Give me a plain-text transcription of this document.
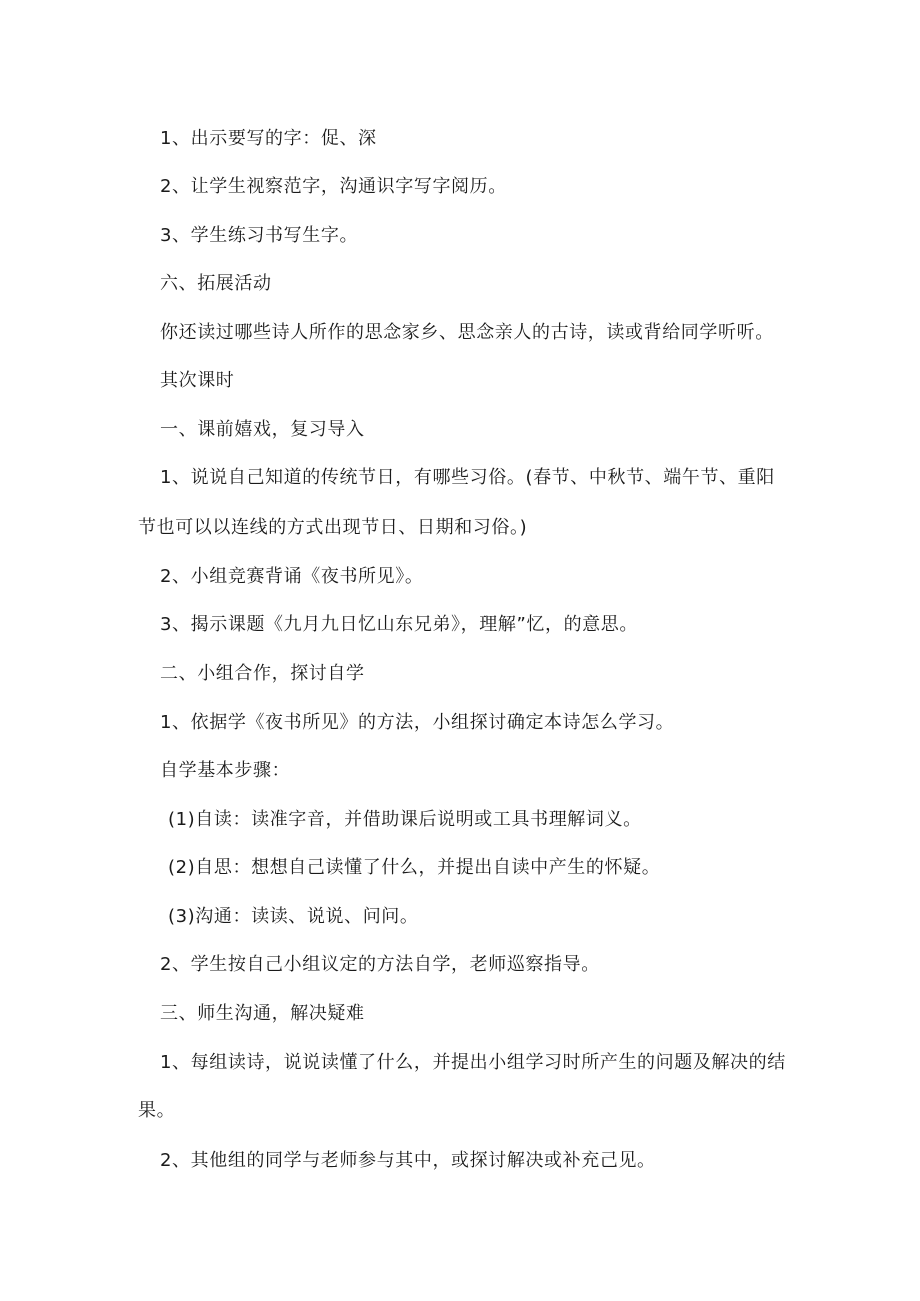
1、出示要写的字：促、深
2、让学生视察范字，沟通识字写字阅历。
3、学生练习书写生字。
六、拓展活动
你还读过哪些诗人所作的思念家乡、思念亲人的古诗，读或背给同学听听。
其次课时
一、课前嬉戏，复习导入
1、说说自己知道的传统节日，有哪些习俗。(春节、中秋节、端午节、重阳
节也可以以连线的方式出现节日、日期和习俗。)
2、小组竞赛背诵《夜书所见》。
3、揭示课题《九月九日忆山东兄弟》，理解”忆，的意思。
二、小组合作，探讨自学
1、依据学《夜书所见》的方法，小组探讨确定本诗怎么学习。
自学基本步骤：
(1)自读：读准字音，并借助课后说明或工具书理解词义。
(2)自思：想想自己读懂了什么，并提出自读中产生的怀疑。
(3)沟通：读读、说说、问问。
2、学生按自己小组议定的方法自学，老师巡察指导。
三、师生沟通，解决疑难
1、每组读诗，说说读懂了什么，并提出小组学习时所产生的问题及解决的结
果。
2、其他组的同学与老师参与其中，或探讨解决或补充己见。
